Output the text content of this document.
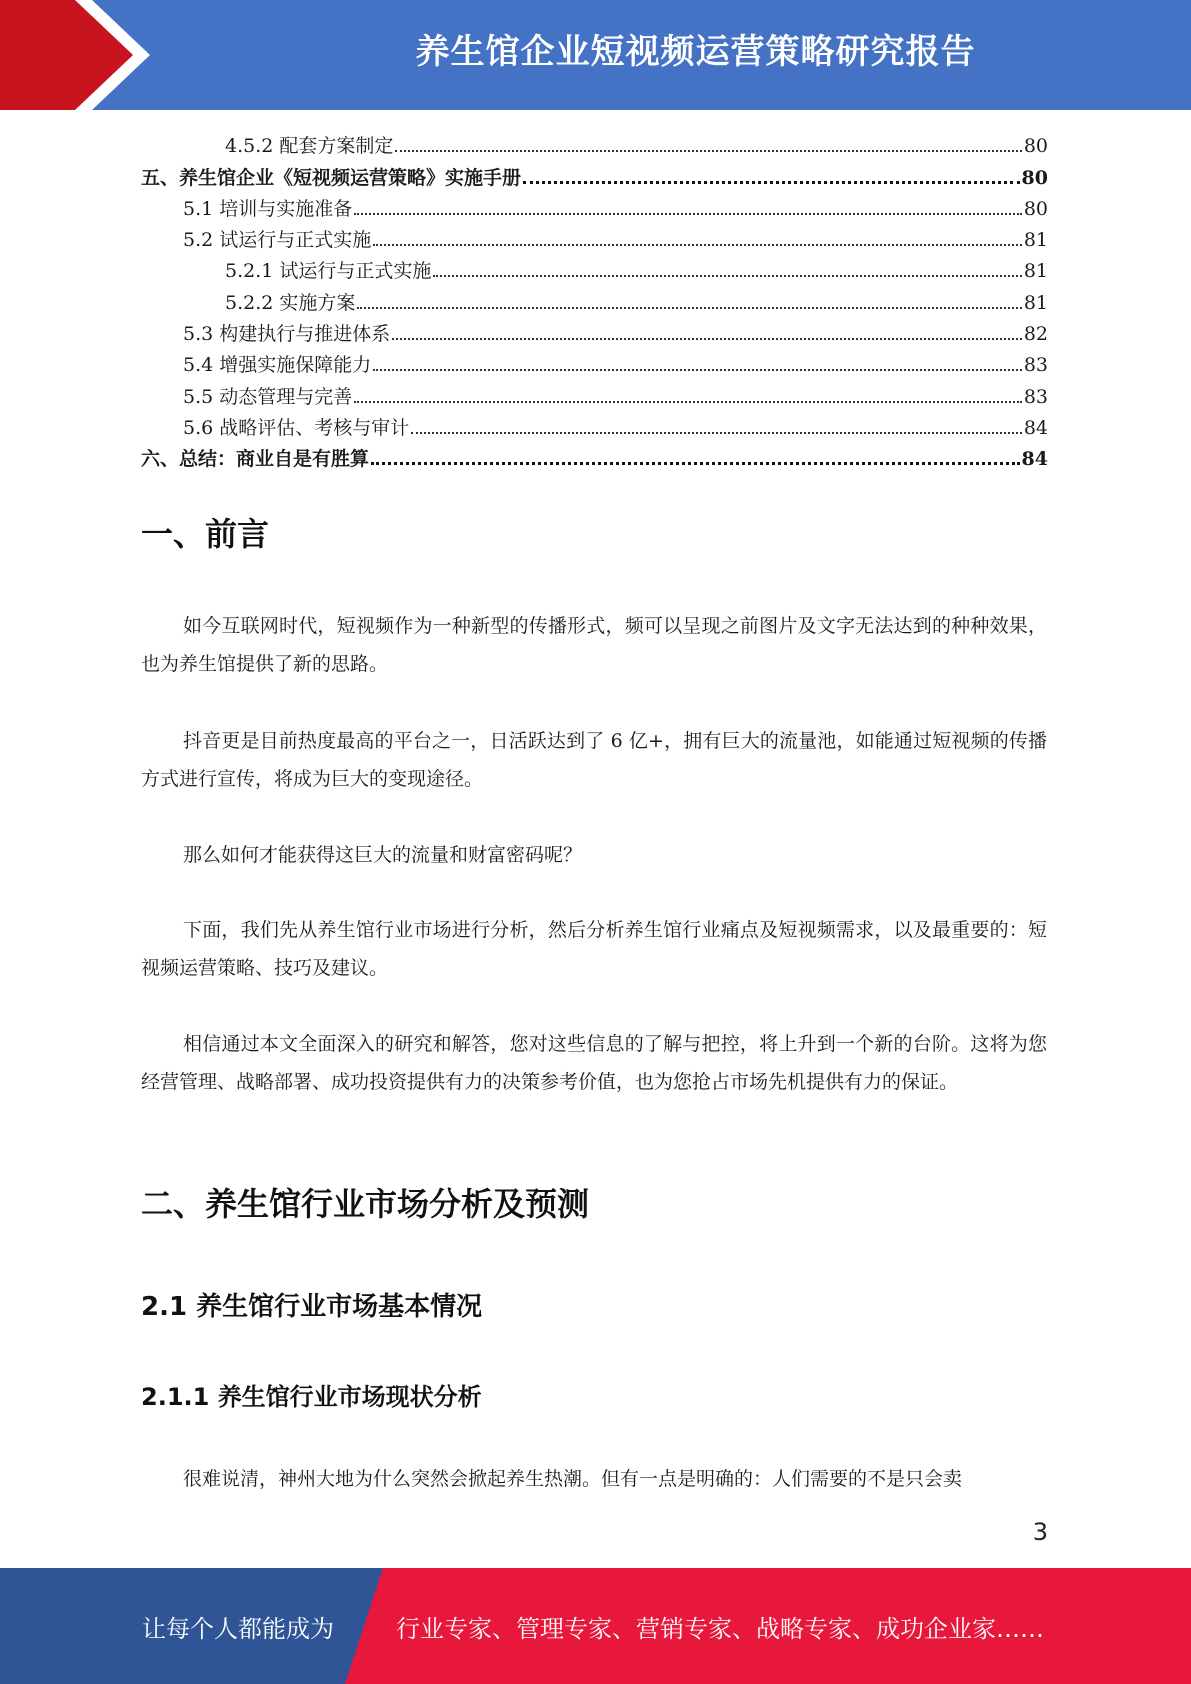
养生馆企业短视频运营策略研究报告
4.5.2 配套方案制定	80
五、养生馆企业《短视频运营策略》实施手册	80
5.1 培训与实施准备	80
5.2 试运行与正式实施	81
5.2.1 试运行与正式实施	81
5.2.2 实施方案	81
5.3 构建执行与推进体系	82
5.4 增强实施保障能力	83
5.5 动态管理与完善	83
5.6 战略评估、考核与审计	84
六、总结：商业自是有胜算	84
一、前言

如今互联网时代，短视频作为一种新型的传播形式，频可以呈现之前图片及文字无法达到的种种效果，也为养生馆提供了新的思路。

抖音更是目前热度最高的平台之一，日活跃达到了 6 亿+，拥有巨大的流量池，如能通过短视频的传播方式进行宣传，将成为巨大的变现途径。

那么如何才能获得这巨大的流量和财富密码呢？

下面，我们先从养生馆行业市场进行分析，然后分析养生馆行业痛点及短视频需求，以及最重要的：短视频运营策略、技巧及建议。

相信通过本文全面深入的研究和解答，您对这些信息的了解与把控，将上升到一个新的台阶。这将为您经营管理、战略部署、成功投资提供有力的决策参考价值，也为您抢占市场先机提供有力的保证。

二、养生馆行业市场分析及预测
2.1 养生馆行业市场基本情况
2.1.1 养生馆行业市场现状分析

很难说清，神州大地为什么突然会掀起养生热潮。但有一点是明确的：人们需要的不是只会卖

3
让每个人都能成为	行业专家、管理专家、营销专家、战略专家、成功企业家……
